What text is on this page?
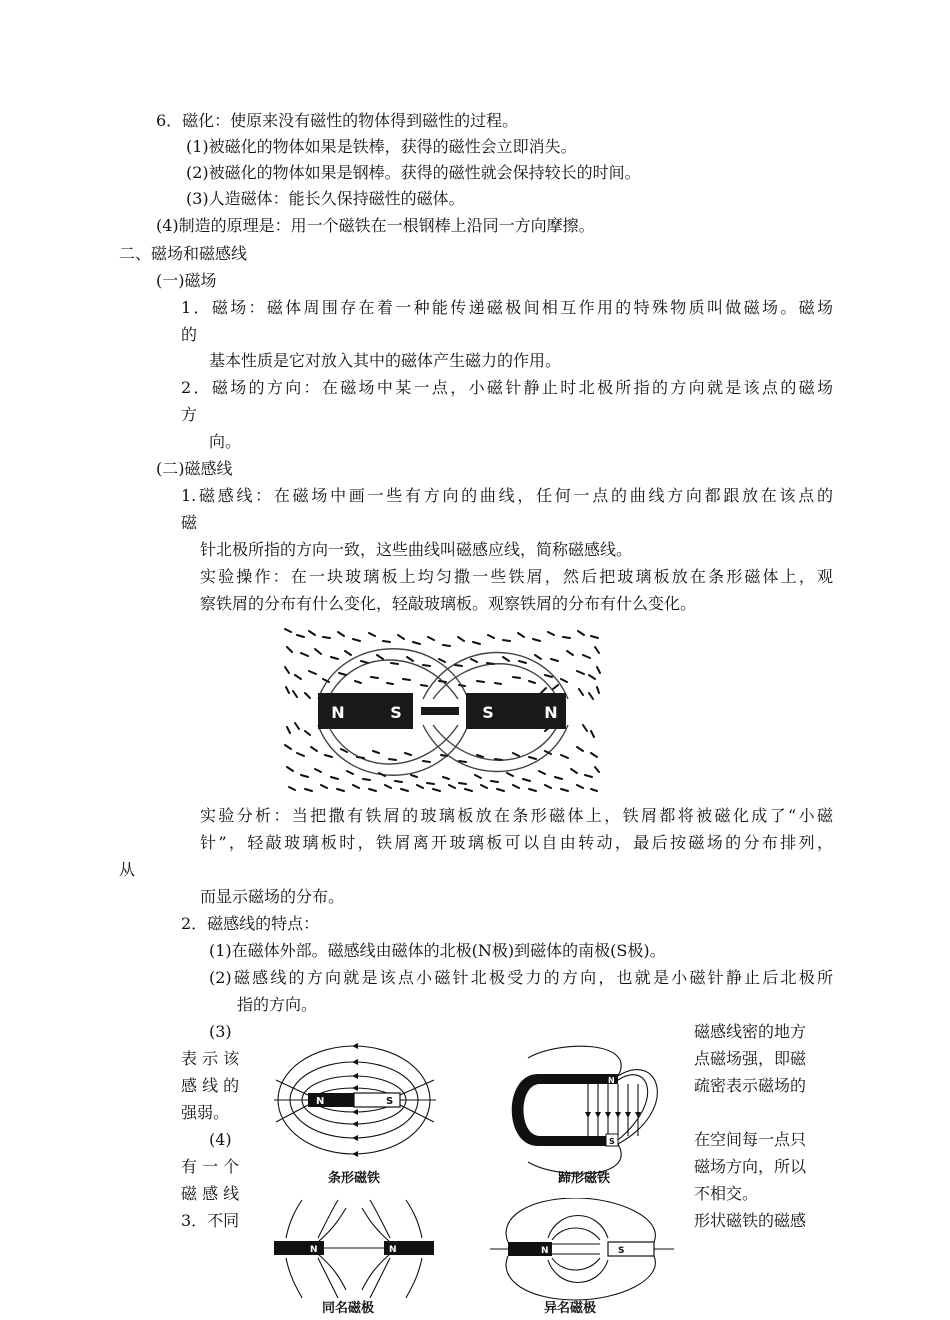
6．磁化：使原来没有磁性的物体得到磁性的过程。
(1)被磁化的物体如果是铁棒，获得的磁性会立即消失。
(2)被磁化的物体如果是钢棒。获得的磁性就会保持较长的时间。
(3)人造磁体：能长久保持磁性的磁体。
(4)制造的原理是：用一个磁铁在一根钢棒上沿同一方向摩擦。
二、磁场和磁感线
(一)磁场
1．磁场：磁体周围存在着一种能传递磁极间相互作用的特殊物质叫做磁场。磁场
的
基本性质是它对放入其中的磁体产生磁力的作用。
2．磁场的方向：在磁场中某一点，小磁针静止时北极所指的方向就是该点的磁场
方
向。
(二)磁感线
1.磁感线：在磁场中画一些有方向的曲线，任何一点的曲线方向都跟放在该点的
磁
针北极所指的方向一致，这些曲线叫磁感应线，简称磁感线。
实验操作：在一块玻璃板上均匀撒一些铁屑，然后把玻璃板放在条形磁体上，观
察铁屑的分布有什么变化，轻敲玻璃板。观察铁屑的分布有什么变化。
N	S	S	N
实验分析：当把撒有铁屑的玻璃板放在条形磁体上，铁屑都将被磁化成了“小磁
针”，轻敲玻璃板时，铁屑离开玻璃板可以自由转动，最后按磁场的分布排列，
从
而显示磁场的分布。
2．磁感线的特点：
(1)在磁体外部。磁感线由磁体的北极(N极)到磁体的南极(S极)。
(2)磁感线的方向就是该点小磁针北极受力的方向，也就是小磁针静止后北极所
指的方向。
(3)	磁感线密的地方
表 示 该	点磁场强，即磁
感 线 的	疏密表示磁场的
强弱。
(4)	在空间每一点只
有 一 个	磁场方向，所以
磁 感 线	不相交。
3．不同	形状磁铁的磁感
N	S
条形磁铁
N
S
蹄形磁铁
N	N
同名磁极
N	S
异名磁极
